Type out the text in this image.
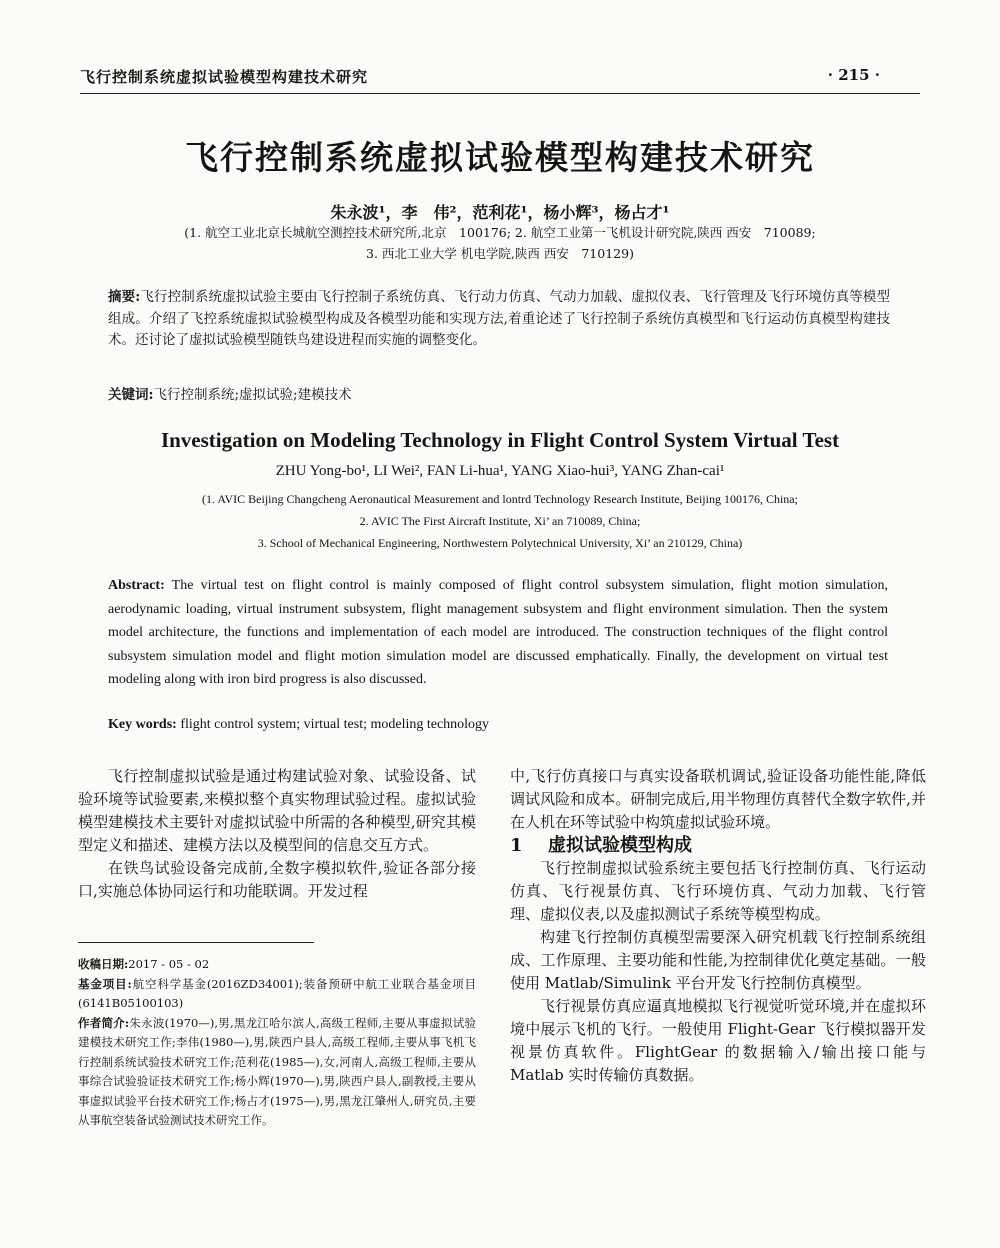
飞行控制系统虚拟试验模型构建技术研究	· 215 ·
飞行控制系统虚拟试验模型构建技术研究
朱永波¹，李　伟²，范利花¹，杨小辉³，杨占才¹
(1. 航空工业北京长城航空测控技术研究所,北京　100176; 2. 航空工业第一飞机设计研究院,陕西 西安　710089;
3. 西北工业大学 机电学院,陕西 西安　710129)
摘要:飞行控制系统虚拟试验主要由飞行控制子系统仿真、飞行动力仿真、气动力加载、虚拟仪表、飞行管理及飞行环境仿真等模型组成。介绍了飞控系统虚拟试验模型构成及各模型功能和实现方法,着重论述了飞行控制子系统仿真模型和飞行运动仿真模型构建技术。还讨论了虚拟试验模型随铁鸟建设进程而实施的调整变化。
关键词:飞行控制系统;虚拟试验;建模技术
Investigation on Modeling Technology in Flight Control System Virtual Test
ZHU Yong-bo¹, LI Wei², FAN Li-hua¹, YANG Xiao-hui³, YANG Zhan-cai¹
(1. AVIC Beijing Changcheng Aeronautical Measurement and lontrd Technology Research Institute, Beijing 100176, China;
2. AVIC The First Aircraft Institute, Xi’ an 710089, China;
3. School of Mechanical Engineering, Northwestern Polytechnical University, Xi’ an 210129, China)
Abstract: The virtual test on flight control is mainly composed of flight control subsystem simulation, flight motion simulation, aerodynamic loading, virtual instrument subsystem, flight management subsystem and flight environment simulation. Then the system model architecture, the functions and implementation of each model are introduced. The construction techniques of the flight control subsystem simulation model and flight motion simulation model are discussed emphatically. Finally, the development on virtual test modeling along with iron bird progress is also discussed.
Key words: flight control system; virtual test; modeling technology

飞行控制虚拟试验是通过构建试验对象、试验设备、试验环境等试验要素,来模拟整个真实物理试验过程。虚拟试验模型建模技术主要针对虚拟试验中所需的各种模型,研究其模型定义和描述、建模方法以及模型间的信息交互方式。

在铁鸟试验设备完成前,全数字模拟软件,验证各部分接口,实施总体协同运行和功能联调。开发过程

收稿日期:2017 - 05 - 02
基金项目:航空科学基金(2016ZD34001);装备预研中航工业联合基金项目(6141B05100103)
作者简介:朱永波(1970—),男,黑龙江哈尔滨人,高级工程师,主要从事虚拟试验建模技术研究工作;李伟(1980—),男,陕西户县人,高级工程师,主要从事飞机飞行控制系统试验技术研究工作;范利花(1985—),女,河南人,高级工程师,主要从事综合试验验证技术研究工作;杨小辉(1970—),男,陕西户县人,副教授,主要从事虚拟试验平台技术研究工作;杨占才(1975—),男,黑龙江肇州人,研究员,主要从事航空装备试验测试技术研究工作。

中,飞行仿真接口与真实设备联机调试,验证设备功能性能,降低调试风险和成本。研制完成后,用半物理仿真替代全数字软件,并在人机在环等试验中构筑虚拟试验环境。

1 虚拟试验模型构成

飞行控制虚拟试验系统主要包括飞行控制仿真、飞行运动仿真、飞行视景仿真、飞行环境仿真、气动力加载、飞行管理、虚拟仪表,以及虚拟测试子系统等模型构成。

构建飞行控制仿真模型需要深入研究机载飞行控制系统组成、工作原理、主要功能和性能,为控制律优化奠定基础。一般使用 Matlab/Simulink 平台开发飞行控制仿真模型。

飞行视景仿真应逼真地模拟飞行视觉听觉环境,并在虚拟环境中展示飞机的飞行。一般使用 Flight-Gear 飞行模拟器开发视景仿真软件。FlightGear 的数据输入/输出接口能与 Matlab 实时传输仿真数据。
